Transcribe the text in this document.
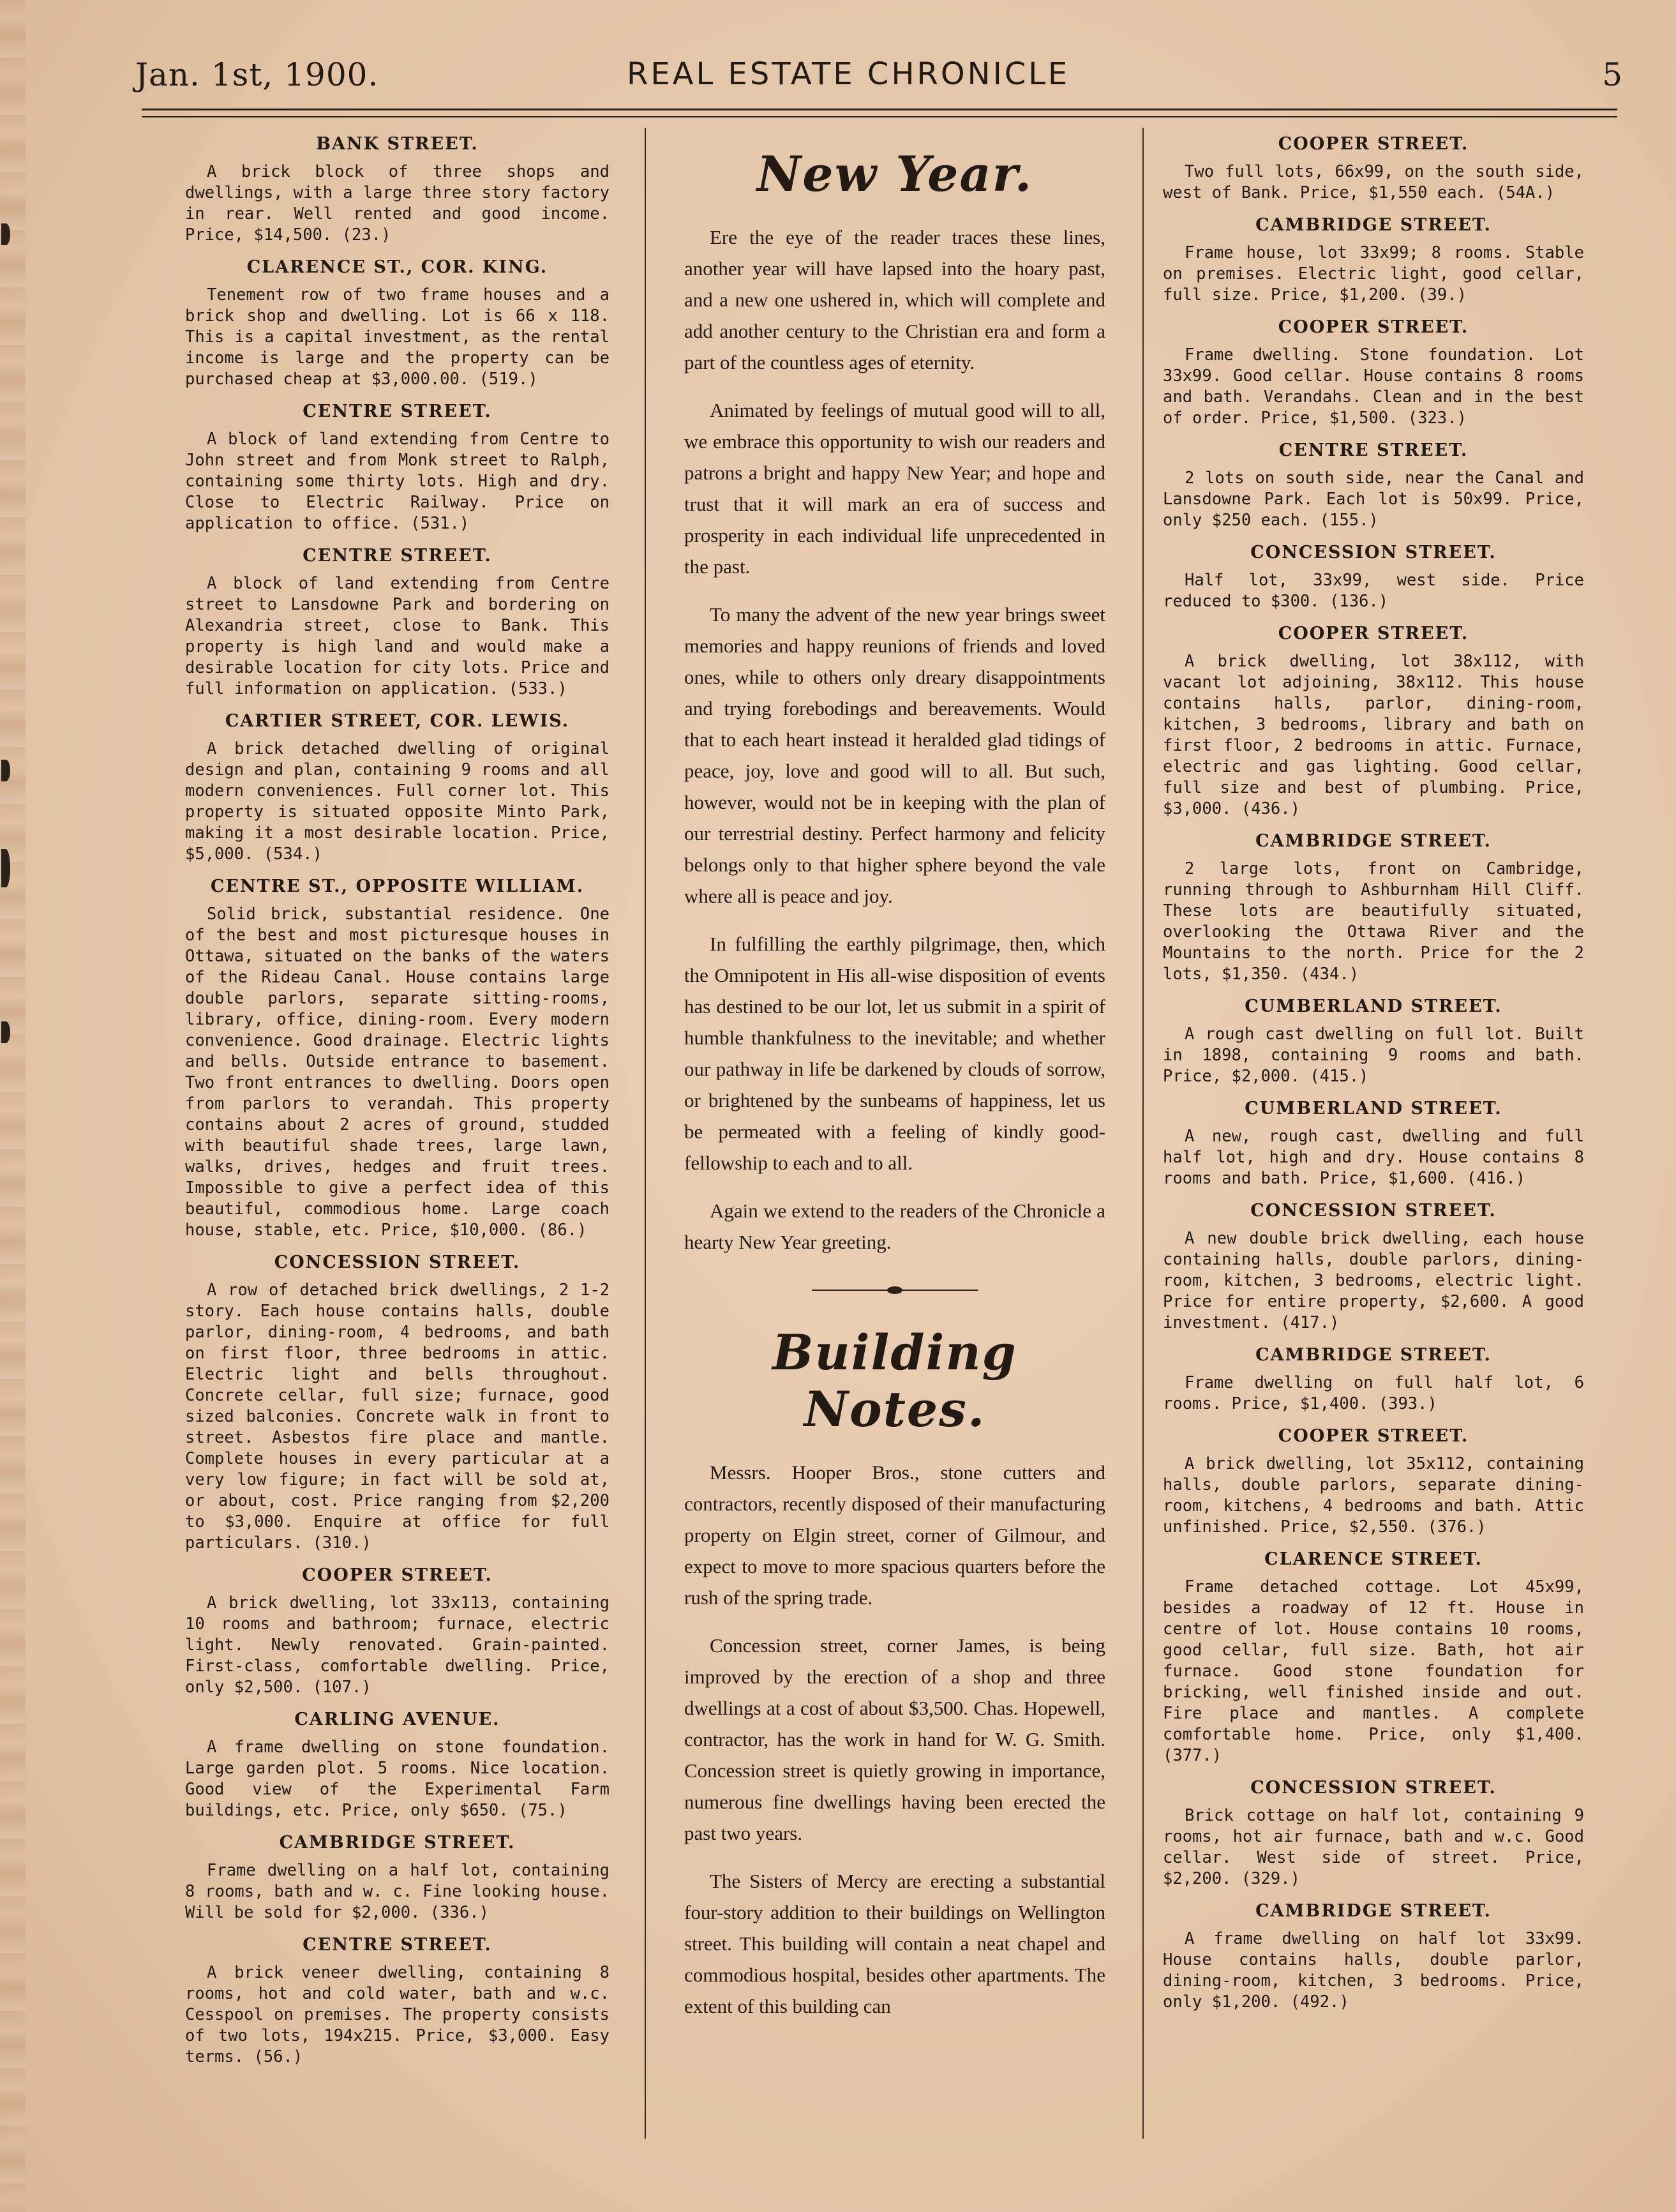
Jan. 1st, 1900.	REAL ESTATE CHRONICLE	5
BANK STREET.

A brick block of three shops and dwellings, with a large three story factory in rear. Well rented and good income. Price, $14,500. (23.)

CLARENCE ST., COR. KING.

Tenement row of two frame houses and a brick shop and dwelling. Lot is 66 x 118. This is a capital investment, as the rental income is large and the property can be purchased cheap at $3,000.00. (519.)

CENTRE STREET.

A block of land extending from Centre to John street and from Monk street to Ralph, containing some thirty lots. High and dry. Close to Electric Railway. Price on application to office. (531.)

CENTRE STREET.

A block of land extending from Centre street to Lansdowne Park and bordering on Alexandria street, close to Bank. This property is high land and would make a desirable location for city lots. Price and full information on application. (533.)

CARTIER STREET, COR. LEWIS.

A brick detached dwelling of original design and plan, containing 9 rooms and all modern conveniences. Full corner lot. This property is situated opposite Minto Park, making it a most desirable location. Price, $5,000. (534.)

CENTRE ST., OPPOSITE WILLIAM.

Solid brick, substantial residence. One of the best and most picturesque houses in Ottawa, situated on the banks of the waters of the Rideau Canal. House contains large double parlors, separate sitting-rooms, library, office, dining-room. Every modern convenience. Good drainage. Electric lights and bells. Outside entrance to basement. Two front entrances to dwelling. Doors open from parlors to verandah. This property contains about 2 acres of ground, studded with beautiful shade trees, large lawn, walks, drives, hedges and fruit trees. Impossible to give a perfect idea of this beautiful, commodious home. Large coach house, stable, etc. Price, $10,000. (86.)

CONCESSION STREET.

A row of detached brick dwellings, 2 1-2 story. Each house contains halls, double parlor, dining-room, 4 bedrooms, and bath on first floor, three bedrooms in attic. Electric light and bells throughout. Concrete cellar, full size; furnace, good sized balconies. Concrete walk in front to street. Asbestos fire place and mantle. Complete houses in every particular at a very low figure; in fact will be sold at, or about, cost. Price ranging from $2,200 to $3,000. Enquire at office for full particulars. (310.)

COOPER STREET.

A brick dwelling, lot 33x113, containing 10 rooms and bathroom; furnace, electric light. Newly renovated. Grain-painted. First-class, comfortable dwelling. Price, only $2,500. (107.)

CARLING AVENUE.

A frame dwelling on stone foundation. Large garden plot. 5 rooms. Nice location. Good view of the Experimental Farm buildings, etc. Price, only $650. (75.)

CAMBRIDGE STREET.

Frame dwelling on a half lot, containing 8 rooms, bath and w. c. Fine looking house. Will be sold for $2,000. (336.)

CENTRE STREET.

A brick veneer dwelling, containing 8 rooms, hot and cold water, bath and w.c. Cesspool on premises. The property consists of two lots, 194x215. Price, $3,000. Easy terms. (56.)

New Year.

Ere the eye of the reader traces these lines, another year will have lapsed into the hoary past, and a new one ushered in, which will complete and add another century to the Christian era and form a part of the countless ages of eternity.

Animated by feelings of mutual good will to all, we embrace this opportunity to wish our readers and patrons a bright and happy New Year; and hope and trust that it will mark an era of success and prosperity in each individual life unprecedented in the past.

To many the advent of the new year brings sweet memories and happy reunions of friends and loved ones, while to others only dreary disappointments and trying forebodings and bereavements. Would that to each heart instead it heralded glad tidings of peace, joy, love and good will to all. But such, however, would not be in keeping with the plan of our terrestrial destiny. Perfect harmony and felicity belongs only to that higher sphere beyond the vale where all is peace and joy.

In fulfilling the earthly pilgrimage, then, which the Omnipotent in His all-wise disposition of events has destined to be our lot, let us submit in a spirit of humble thankfulness to the inevitable; and whether our pathway in life be darkened by clouds of sorrow, or brightened by the sunbeams of happiness, let us be permeated with a feeling of kindly good-fellowship to each and to all.

Again we extend to the readers of the Chronicle a hearty New Year greeting.

Building Notes.

Messrs. Hooper Bros., stone cutters and contractors, recently disposed of their manufacturing property on Elgin street, corner of Gilmour, and expect to move to more spacious quarters before the rush of the spring trade.

Concession street, corner James, is being improved by the erection of a shop and three dwellings at a cost of about $3,500. Chas. Hopewell, contractor, has the work in hand for W. G. Smith. Concession street is quietly growing in importance, numerous fine dwellings having been erected the past two years.

The Sisters of Mercy are erecting a substantial four-story addition to their buildings on Wellington street. This building will contain a neat chapel and commodious hospital, besides other apartments. The extent of this building can

COOPER STREET.

Two full lots, 66x99, on the south side, west of Bank. Price, $1,550 each. (54A.)

CAMBRIDGE STREET.

Frame house, lot 33x99; 8 rooms. Stable on premises. Electric light, good cellar, full size. Price, $1,200. (39.)

COOPER STREET.

Frame dwelling. Stone foundation. Lot 33x99. Good cellar. House contains 8 rooms and bath. Verandahs. Clean and in the best of order. Price, $1,500. (323.)

CENTRE STREET.

2 lots on south side, near the Canal and Lansdowne Park. Each lot is 50x99. Price, only $250 each. (155.)

CONCESSION STREET.

Half lot, 33x99, west side. Price reduced to $300. (136.)

COOPER STREET.

A brick dwelling, lot 38x112, with vacant lot adjoining, 38x112. This house contains halls, parlor, dining-room, kitchen, 3 bedrooms, library and bath on first floor, 2 bedrooms in attic. Furnace, electric and gas lighting. Good cellar, full size and best of plumbing. Price, $3,000. (436.)

CAMBRIDGE STREET.

2 large lots, front on Cambridge, running through to Ashburnham Hill Cliff. These lots are beautifully situated, overlooking the Ottawa River and the Mountains to the north. Price for the 2 lots, $1,350. (434.)

CUMBERLAND STREET.

A rough cast dwelling on full lot. Built in 1898, containing 9 rooms and bath. Price, $2,000. (415.)

CUMBERLAND STREET.

A new, rough cast, dwelling and full half lot, high and dry. House contains 8 rooms and bath. Price, $1,600. (416.)

CONCESSION STREET.

A new double brick dwelling, each house containing halls, double parlors, dining-room, kitchen, 3 bedrooms, electric light. Price for entire property, $2,600. A good investment. (417.)

CAMBRIDGE STREET.

Frame dwelling on full half lot, 6 rooms. Price, $1,400. (393.)

COOPER STREET.

A brick dwelling, lot 35x112, containing halls, double parlors, separate dining-room, kitchens, 4 bedrooms and bath. Attic unfinished. Price, $2,550. (376.)

CLARENCE STREET.

Frame detached cottage. Lot 45x99, besides a roadway of 12 ft. House in centre of lot. House contains 10 rooms, good cellar, full size. Bath, hot air furnace. Good stone foundation for bricking, well finished inside and out. Fire place and mantles. A complete comfortable home. Price, only $1,400. (377.)

CONCESSION STREET.

Brick cottage on half lot, containing 9 rooms, hot air furnace, bath and w.c. Good cellar. West side of street. Price, $2,200. (329.)

CAMBRIDGE STREET.

A frame dwelling on half lot 33x99. House contains halls, double parlor, dining-room, kitchen, 3 bedrooms. Price, only $1,200. (492.)
